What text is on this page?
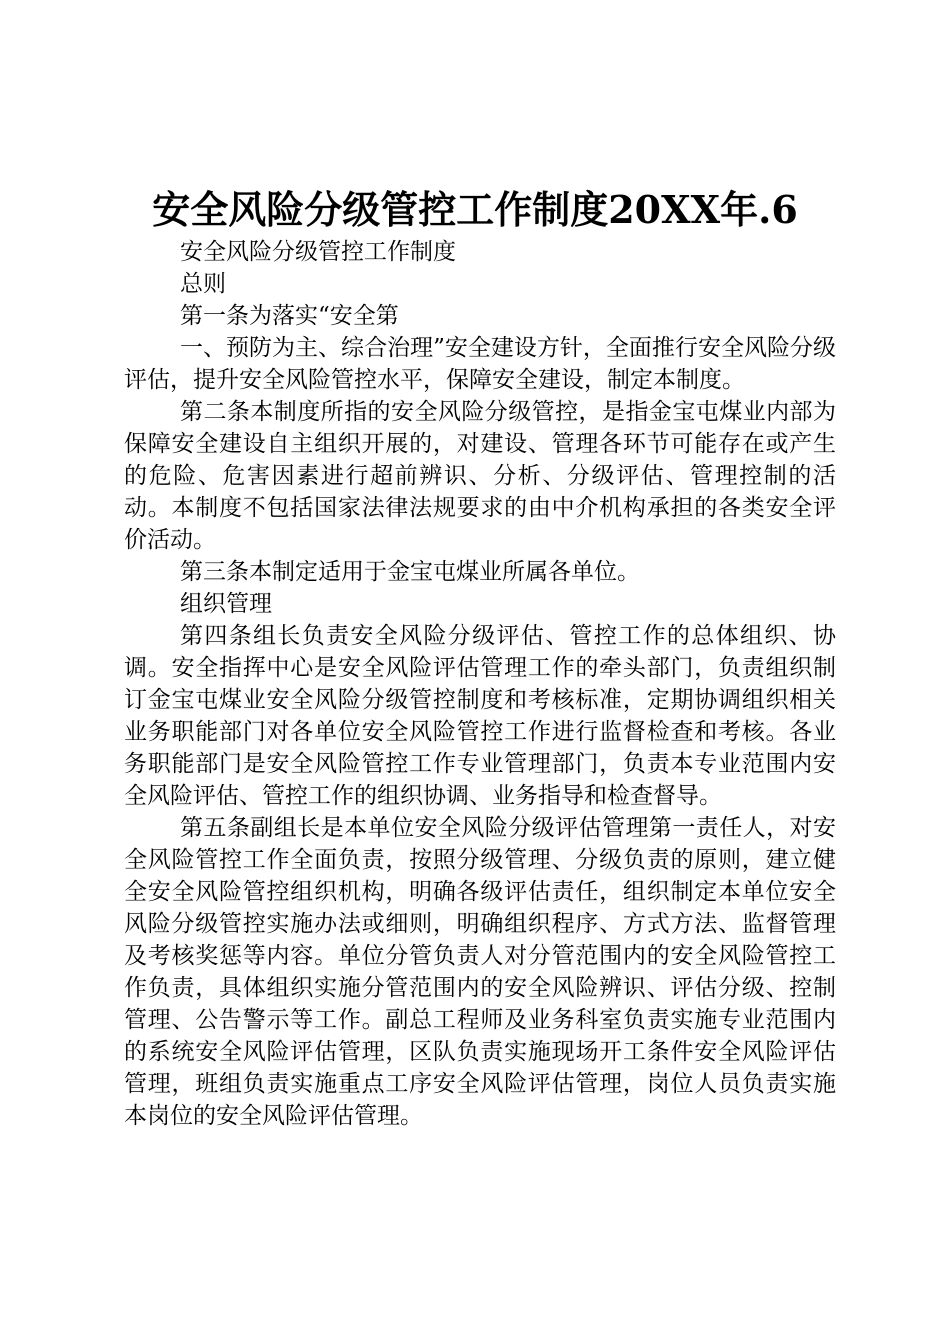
安全风险分级管控工作制度20XX年.6

安全风险分级管控工作制度

总则

第一条为落实“安全第

一、预防为主、综合治理”安全建设方针，全面推行安全风险分级评估，提升安全风险管控水平，保障安全建设，制定本制度。

第二条本制度所指的安全风险分级管控，是指金宝屯煤业内部为保障安全建设自主组织开展的，对建设、管理各环节可能存在或产生的危险、危害因素进行超前辨识、分析、分级评估、管理控制的活动。本制度不包括国家法律法规要求的由中介机构承担的各类安全评价活动。

第三条本制定适用于金宝屯煤业所属各单位。

组织管理

第四条组长负责安全风险分级评估、管控工作的总体组织、协调。安全指挥中心是安全风险评估管理工作的牵头部门，负责组织制订金宝屯煤业安全风险分级管控制度和考核标准，定期协调组织相关业务职能部门对各单位安全风险管控工作进行监督检查和考核。各业务职能部门是安全风险管控工作专业管理部门，负责本专业范围内安全风险评估、管控工作的组织协调、业务指导和检查督导。

第五条副组长是本单位安全风险分级评估管理第一责任人，对安全风险管控工作全面负责，按照分级管理、分级负责的原则，建立健全安全风险管控组织机构，明确各级评估责任，组织制定本单位安全风险分级管控实施办法或细则，明确组织程序、方式方法、监督管理及考核奖惩等内容。单位分管负责人对分管范围内的安全风险管控工作负责，具体组织实施分管范围内的安全风险辨识、评估分级、控制管理、公告警示等工作。副总工程师及业务科室负责实施专业范围内的系统安全风险评估管理，区队负责实施现场开工条件安全风险评估管理，班组负责实施重点工序安全风险评估管理，岗位人员负责实施本岗位的安全风险评估管理。
